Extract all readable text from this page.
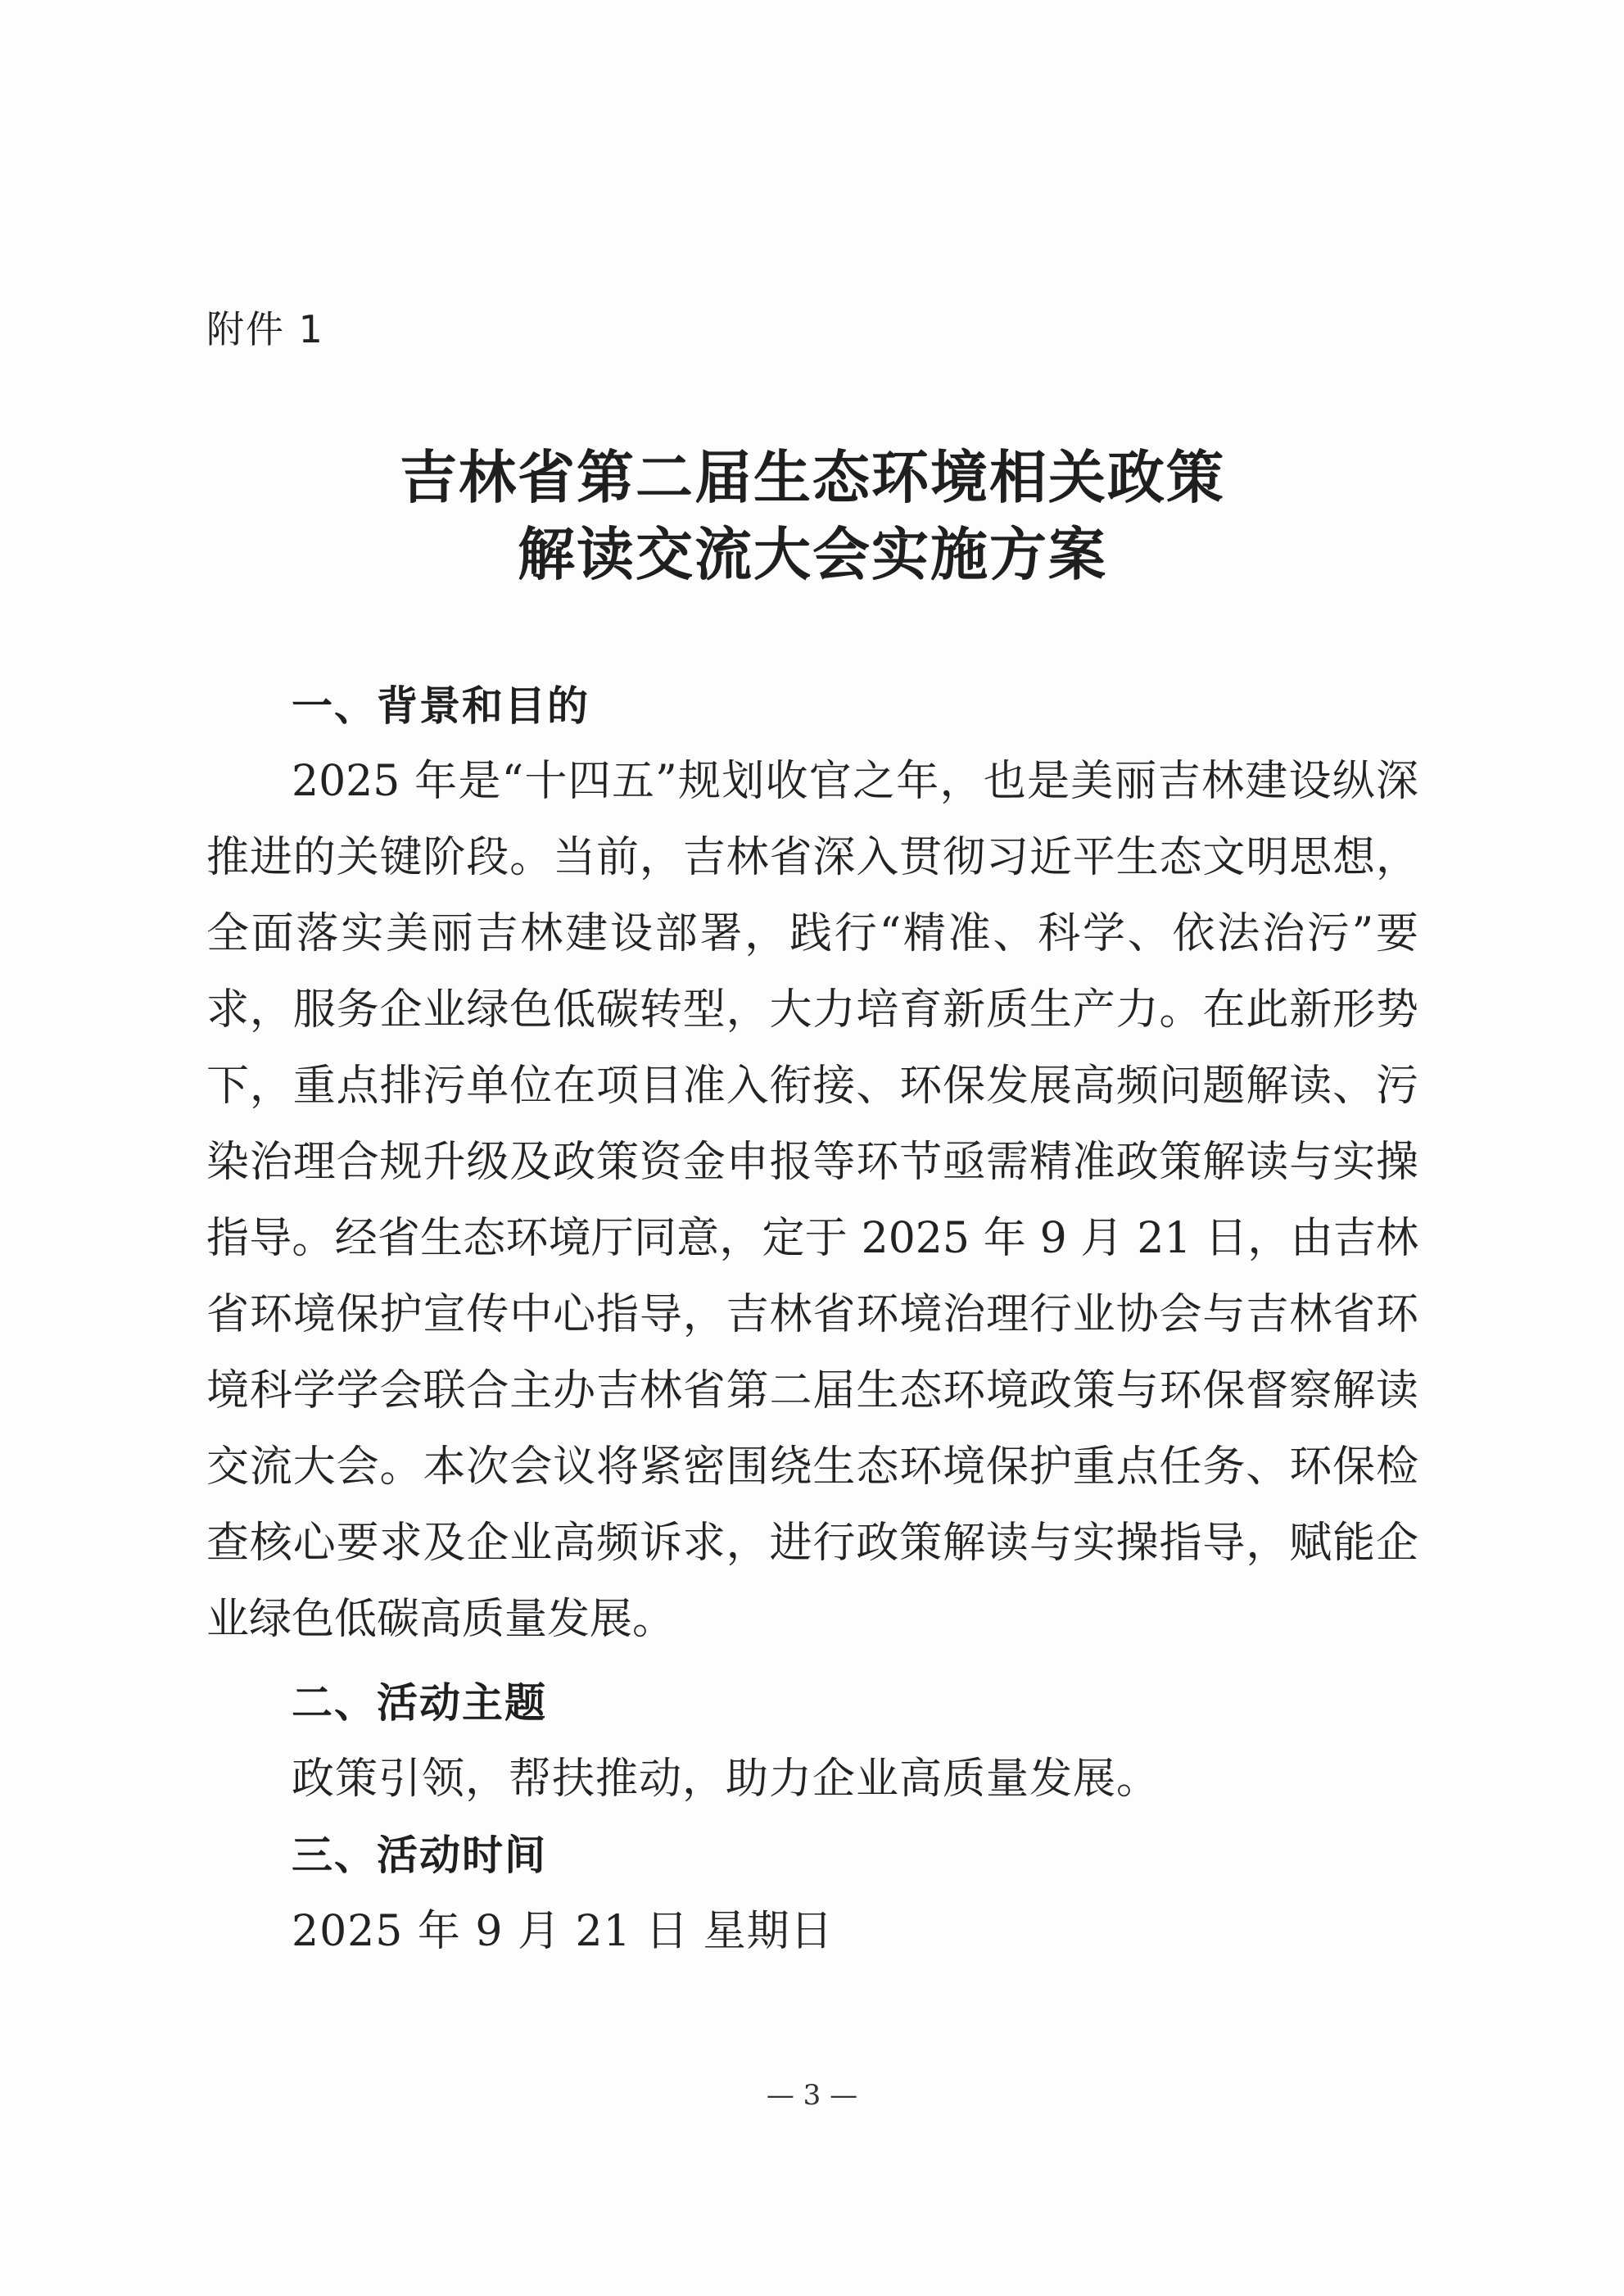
附件 1
吉林省第二届生态环境相关政策
解读交流大会实施方案
一、背景和目的
2025 年是“十四五”规划收官之年，也是美丽吉林建设纵深推进的关键阶段。当前，吉林省深入贯彻习近平生态文明思想，全面落实美丽吉林建设部署，践行“精准、科学、依法治污”要求，服务企业绿色低碳转型，大力培育新质生产力。在此新形势下，重点排污单位在项目准入衔接、环保发展高频问题解读、污染治理合规升级及政策资金申报等环节亟需精准政策解读与实操指导。经省生态环境厅同意，定于 2025 年 9 月 21 日，由吉林省环境保护宣传中心指导，吉林省环境治理行业协会与吉林省环境科学学会联合主办吉林省第二届生态环境政策与环保督察解读交流大会。本次会议将紧密围绕生态环境保护重点任务、环保检查核心要求及企业高频诉求，进行政策解读与实操指导，赋能企业绿色低碳高质量发展。
二、活动主题
政策引领，帮扶推动，助力企业高质量发展。
三、活动时间
2025 年 9 月 21 日 星期日
— 3 —
